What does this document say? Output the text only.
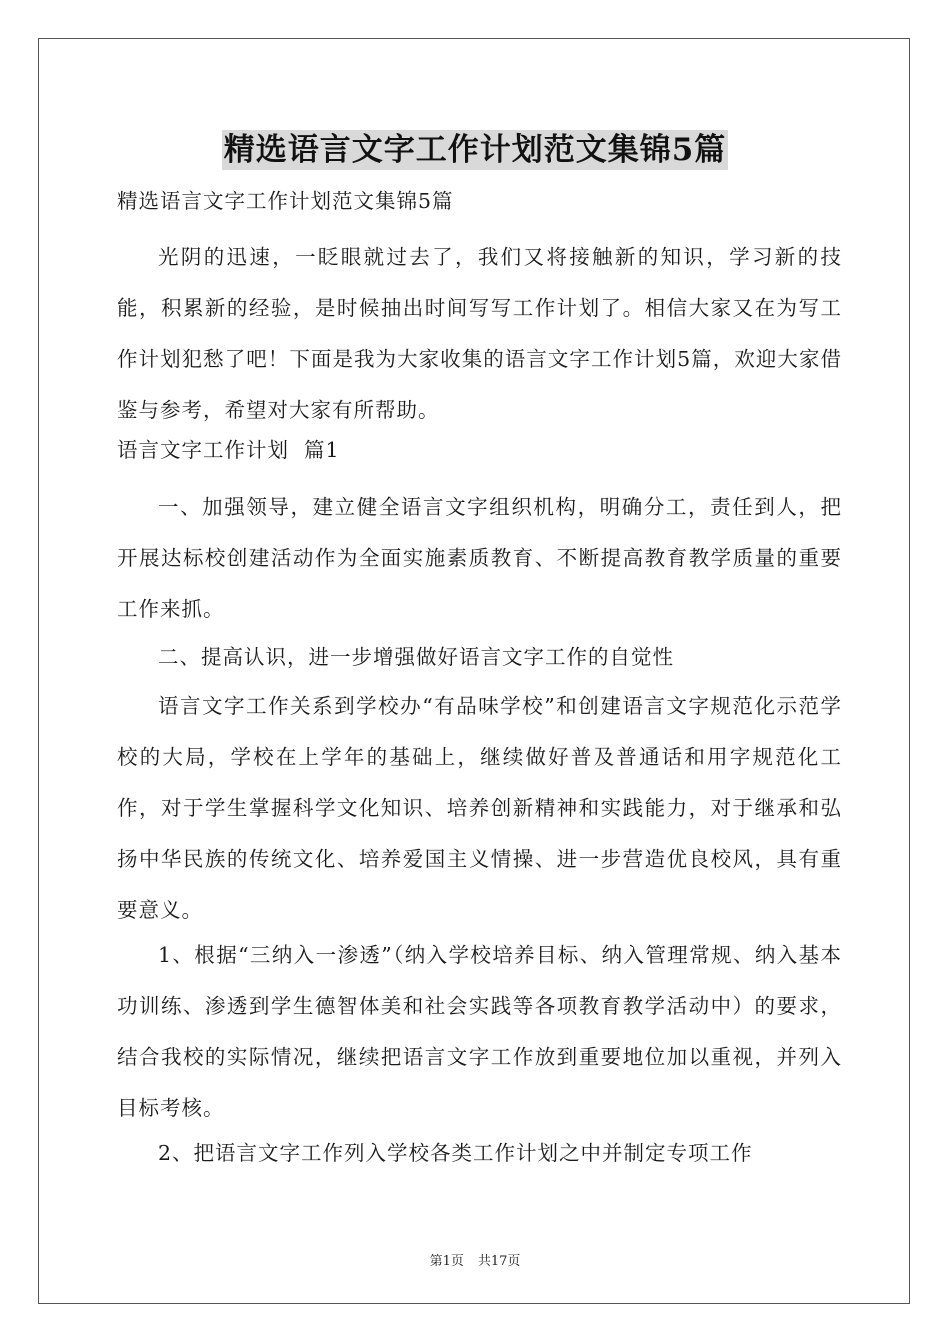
精选语言文字工作计划范文集锦5篇

精选语言文字工作计划范文集锦5篇

光阴的迅速，一眨眼就过去了，我们又将接触新的知识，学习新的技能，积累新的经验，是时候抽出时间写写工作计划了。相信大家又在为写工作计划犯愁了吧！下面是我为大家收集的语言文字工作计划5篇，欢迎大家借鉴与参考，希望对大家有所帮助。

语言文字工作计划  篇1

一、加强领导，建立健全语言文字组织机构，明确分工，责任到人，把开展达标校创建活动作为全面实施素质教育、不断提高教育教学质量的重要工作来抓。

二、提高认识，进一步增强做好语言文字工作的自觉性

语言文字工作关系到学校办“有品味学校”和创建语言文字规范化示范学校的大局，学校在上学年的基础上，继续做好普及普通话和用字规范化工作，对于学生掌握科学文化知识、培养创新精神和实践能力，对于继承和弘扬中华民族的传统文化、培养爱国主义情操、进一步营造优良校风，具有重要意义。

1、根据“三纳入一渗透”（纳入学校培养目标、纳入管理常规、纳入基本功训练、渗透到学生德智体美和社会实践等各项教育教学活动中）的要求，结合我校的实际情况，继续把语言文字工作放到重要地位加以重视，并列入目标考核。

2、把语言文字工作列入学校各类工作计划之中并制定专项工作

第1页 共17页
